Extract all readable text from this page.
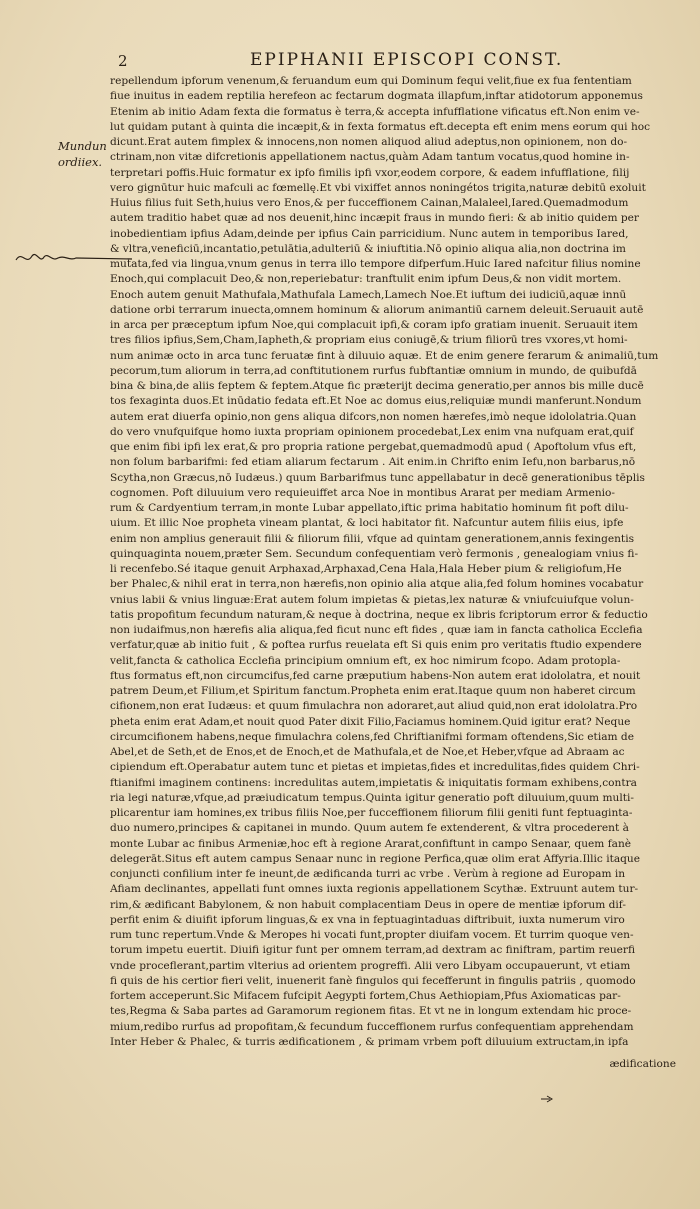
2	EPIPHANII EPISCOPI CONST.
Mundun
ordiiex.
repellendum ipforum venenum,& feruandum eum qui Dominum fequi velit,fiue ex fua fententiam
fiue inuitus in eadem reptilia herefeon ac fectarum dogmata illapfum,inftar atidotorum apponemus
Etenim ab initio Adam fexta die formatus è terra,& accepta infufflatione vificatus eft.Non enim ve-
lut quidam putant à quinta die incæpit,& in fexta formatus eft.decepta eft enim mens eorum qui hoc
dicunt.Erat autem fimplex & innocens,non nomen aliquod aliud adeptus,non opinionem, non do-
ctrinam,non vitæ difcretionis appellationem nactus,quàm Adam tantum vocatus,quod homine in-
terpretari poffis.Huic formatur ex ipfo fimilis ipfi vxor,eodem corpore, & eadem infufflatione, filij
vero gignūtur huic mafculi ac fœmellę.Et vbi vixiffet annos noningétos trigita,naturæ debitū exoluit
Huius filius fuit Seth,huius vero Enos,& per fucceffionem Cainan,Malaleel,Iared.Quemadmodum
autem traditio habet quæ ad nos deuenit,hinc incæpit fraus in mundo fieri: & ab initio quidem per
inobedientiam ipfius Adam,deinde per ipfius Cain parricidium. Nunc autem in temporibus Iared,
& vltra,veneficiū,incantatio,petulātia,adulteriū & iniuftitia.Nō opinio aliqua alia,non doctrina im
mutata,fed via lingua,vnum genus in terra illo tempore difperfum.Huic Iared nafcitur filius nomine
Enoch,qui complacuit Deo,& non,reperiebatur: tranftulit enim ipfum Deus,& non vidit mortem.
Enoch autem genuit Mathufala,Mathufala Lamech,Lamech Noe.Et iuftum dei iudiciū,aquæ innū
datione orbi terrarum inuecta,omnem hominum & aliorum animantiū carnem deleuit.Seruauit autē
in arca per præceptum ipfum Noe,qui complacuit ipfi,& coram ipfo gratiam inuenit. Seruauit item
tres filios ipfius,Sem,Cham,Iapheth,& propriam eius coniugē,& trium filiorū tres vxores,vt homi-
num animæ octo in arca tunc feruatæ fint à diluuio aquæ. Et de enim genere ferarum & animaliū,tum
pecorum,tum aliorum in terra,ad conftitutionem rurfus fubftantiæ omnium in mundo, de quibufdā
bina & bina,de aliis feptem & feptem.Atque fic præterijt decima generatio,per annos bis mille ducē
tos fexaginta duos.Et inūdatio fedata eft.Et Noe ac domus eius,reliquiæ mundi manferunt.Nondum
autem erat diuerfa opinio,non gens aliqua difcors,non nomen hærefes,imò neque idololatria.Quan
do vero vnufquifque homo iuxta propriam opinionem procedebat,Lex enim vna nufquam erat,quif
que enim fibi ipfi lex erat,& pro propria ratione pergebat,quemadmodū apud ( Apoftolum vfus eft,
non folum barbarifmi: fed etiam aliarum fectarum . Ait enim.in Chrifto enim Iefu,non barbarus,nō
Scytha,non Græcus,nō Iudæus.) quum Barbarifmus tunc appellabatur in decē generationibus tēplis
cognomen. Poft diluuium vero requieuiffet arca Noe in montibus Ararat per mediam Armenio-
rum & Cardyentium terram,in monte Lubar appellato,iftic prima habitatio hominum fit poft dilu-
uium. Et illic Noe propheta vineam plantat, & loci habitator fit. Nafcuntur autem filiis eius, ipfe
enim non amplius generauit filii & filiorum filii, vfque ad quintam generationem,annis fexingentis
quinquaginta nouem,præter Sem. Secundum confequentiam verò fermonis , genealogiam vnius fi-
li recenfebo.Sé itaque genuit Arphaxad,Arphaxad,Cena Hala,Hala Heber pium & religiofum,He
ber Phalec,& nihil erat in terra,non hærefis,non opinio alia atque alia,fed folum homines vocabatur
vnius labii & vnius linguæ:Erat autem folum impietas & pietas,lex naturæ & vniufcuiufque volun-
tatis propofitum fecundum naturam,& neque à doctrina, neque ex libris fcriptorum error & feductio
non iudaifmus,non hærefis alia aliqua,fed ficut nunc eft fides , quæ iam in fancta catholica Ecclefia
verfatur,quæ ab initio fuit , & poftea rurfus reuelata eft Si quis enim pro veritatis ftudio expendere
velit,fancta & catholica Ecclefia principium omnium eft, ex hoc nimirum fcopo. Adam protopla-
ftus formatus eft,non circumcifus,fed carne præputium habens-Non autem erat idololatra, et nouit
patrem Deum,et Filium,et Spiritum fanctum.Propheta enim erat.Itaque quum non haberet circum
cifionem,non erat Iudæus: et quum fimulachra non adoraret,aut aliud quid,non erat idololatra.Pro
pheta enim erat Adam,et nouit quod Pater dixit Filio,Faciamus hominem.Quid igitur erat? Neque
circumcifionem habens,neque fimulachra colens,fed Chriftianifmi formam oftendens,Sic etiam de
Abel,et de Seth,et de Enos,et de Enoch,et de Mathufala,et de Noe,et Heber,vfque ad Abraam ac
cipiendum eft.Operabatur autem tunc et pietas et impietas,fides et incredulitas,fides quidem Chri-
ftianifmi imaginem continens: incredulitas autem,impietatis & iniquitatis formam exhibens,contra
ria legi naturæ,vfque,ad præiudicatum tempus.Quinta igitur generatio poft diluuium,quum multi-
plicarentur iam homines,ex tribus filiis Noe,per fucceffionem filiorum filii geniti funt feptuaginta-
duo numero,principes & capitanei in mundo. Quum autem fe extenderent, & vltra procederent à
monte Lubar ac finibus Armeniæ,hoc eft à regione Ararat,confiftunt in campo Senaar, quem fanè
delegerāt.Situs eft autem campus Senaar nunc in regione Perfica,quæ olim erat Affyria.Illic itaque
conjuncti confilium inter fe ineunt,de ædificanda turri ac vrbe . Verùm à regione ad Europam in
Afiam declinantes, appellati funt omnes iuxta regionis appellationem Scythæ. Extruunt autem tur-
rim,& ædificant Babylonem, & non habuit complacentiam Deus in opere de mentiæ ipforum dif-
perfit enim & diuifit ipforum linguas,& ex vna in feptuagintaduas diftribuit, iuxta numerum viro
rum tunc repertum.Vnde & Meropes hi vocati funt,propter diuifam vocem. Et turrim quoque ven-
torum impetu euertit. Diuifi igitur funt per omnem terram,ad dextram ac finiftram, partim reuerfi
vnde proceflerant,partim vlterius ad orientem progreffi. Alii vero Libyam occupauerunt, vt etiam
fi quis de his certior fieri velit, inuenerit fanè fingulos qui fecefferunt in fingulis patriis , quomodo
fortem acceperunt.Sic Mifacem fufcipit Aegypti fortem,Chus Aethiopiam,Pfus Axiomaticas par-
tes,Regma & Saba partes ad Garamorum regionem fitas. Et vt ne in longum extendam hic proce-
mium,redibo rurfus ad propofitam,& fecundum fucceffionem rurfus confequentiam apprehendam
Inter Heber & Phalec, & turris ædificationem , & primam vrbem poft diluuium extructam,in ipfa
ædificatione
